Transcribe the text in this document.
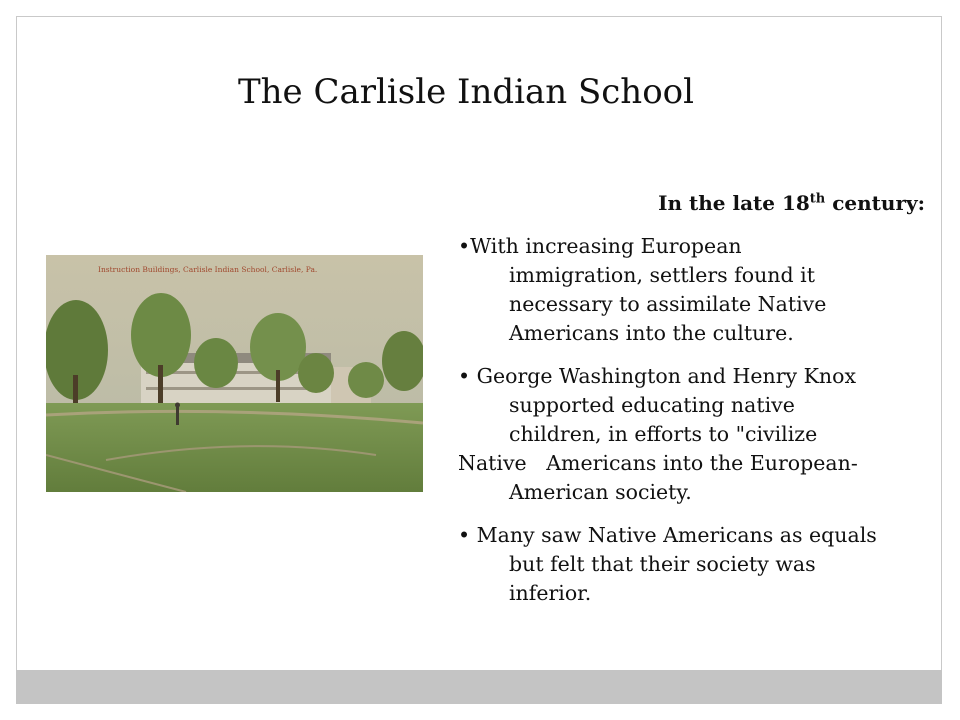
The Carlisle Indian School
Instruction Buildings, Carlisle Indian School, Carlisle, Pa.
In the late 18th century:
•With increasing European
immigration, settlers found it
necessary to assimilate Native
Americans into the culture.
• George Washington and Henry Knox
supported educating native
children, in efforts to "civilize
Native   Americans into the European-
American society.
• Many saw Native Americans as equals
but felt that their society was
inferior.
